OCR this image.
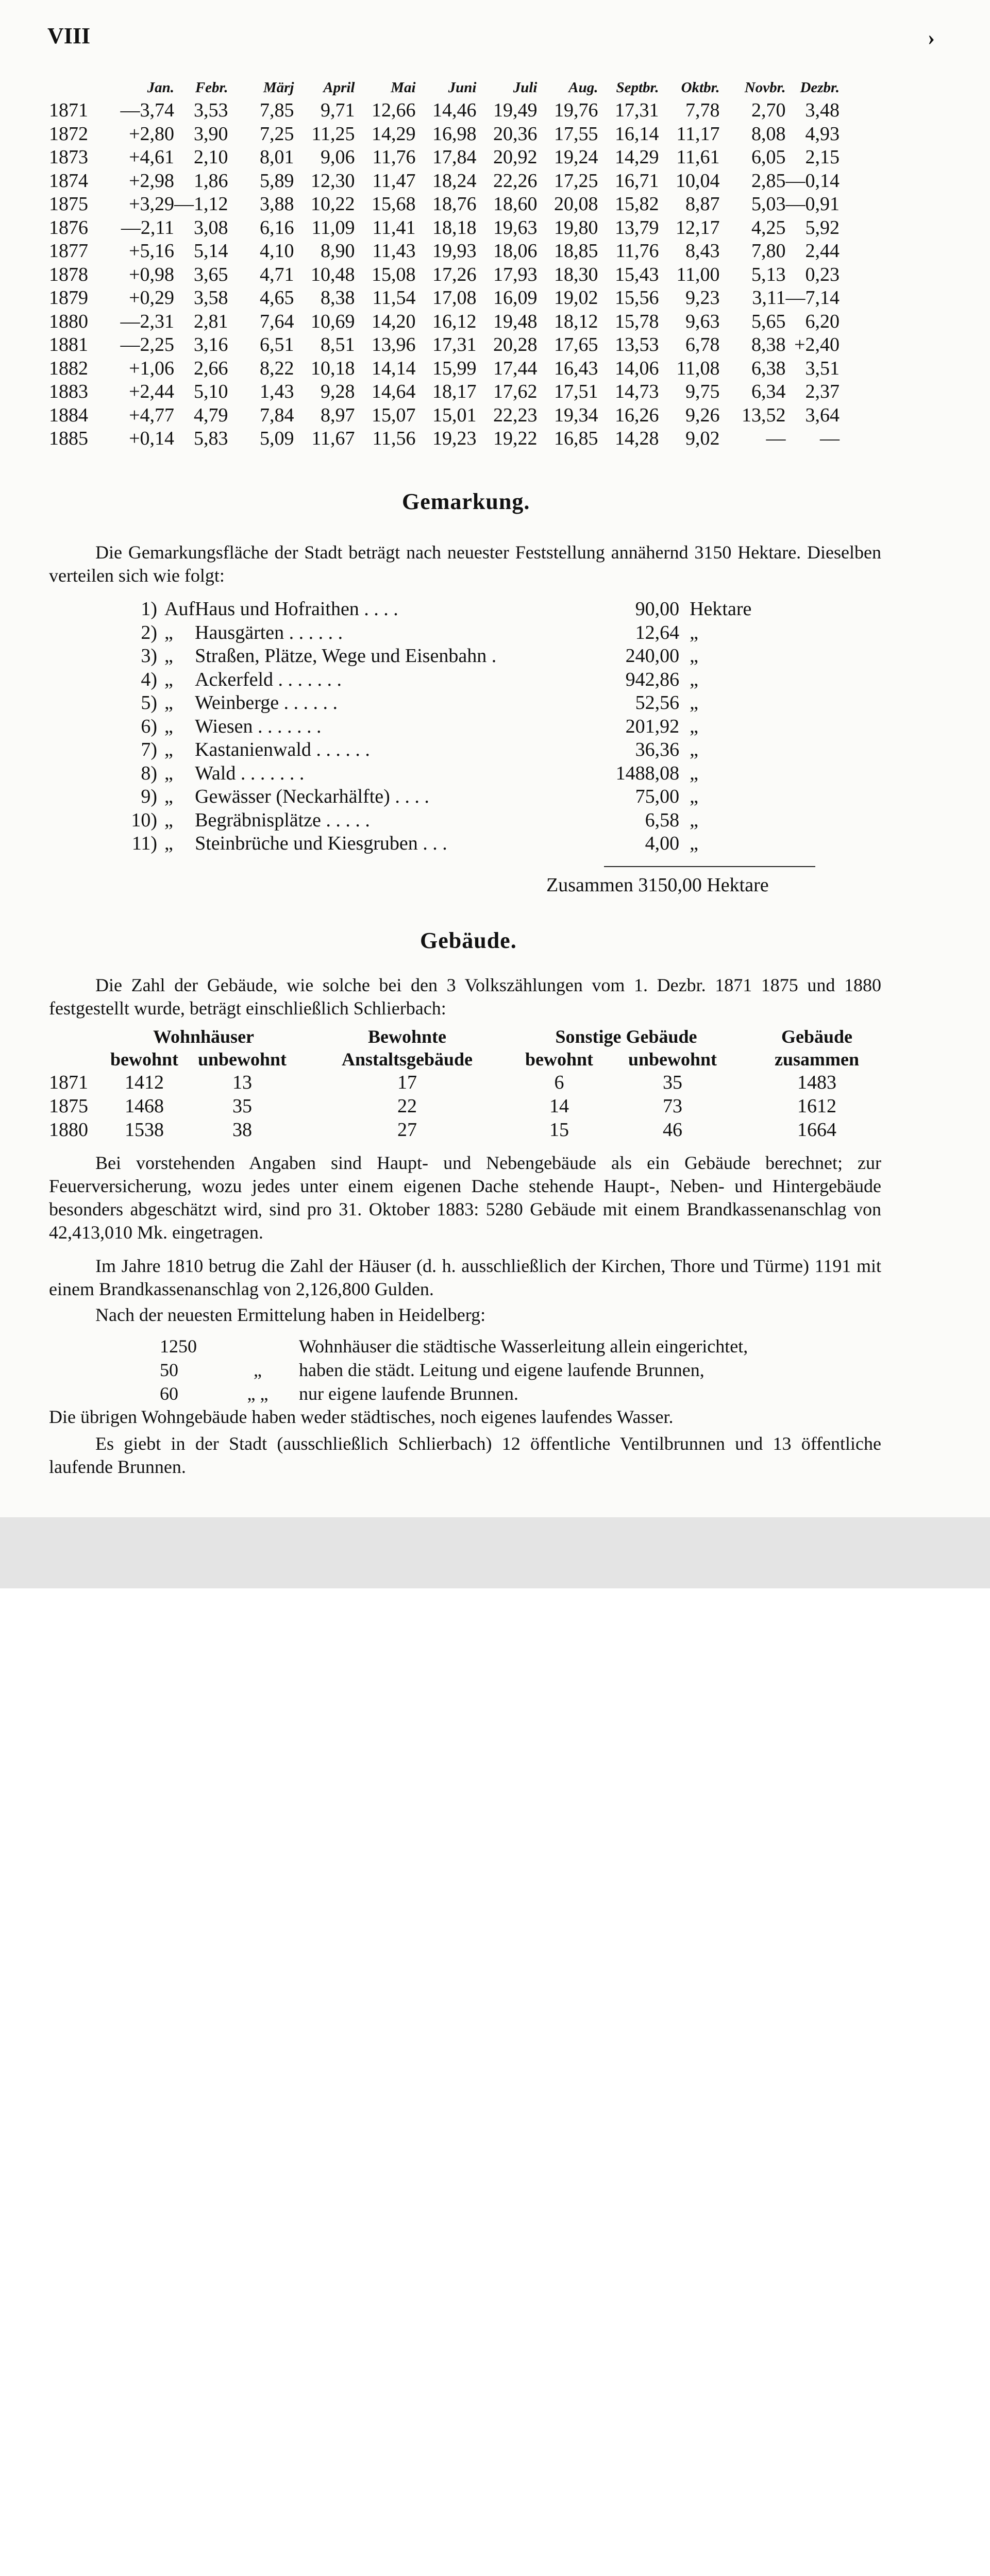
VIII	›
	Jan.	Febr.	Märj	April	Mai	Juni	Juli	Aug.	Septbr.	Oktbr.	Novbr.	Dezbr.
1871	—3,74	3,53	7,85	9,71	12,66	14,46	19,49	19,76	17,31	7,78	2,70	3,48
1872	+2,80	3,90	7,25	11,25	14,29	16,98	20,36	17,55	16,14	11,17	8,08	4,93
1873	+4,61	2,10	8,01	9,06	11,76	17,84	20,92	19,24	14,29	11,61	6,05	2,15
1874	+2,98	1,86	5,89	12,30	11,47	18,24	22,26	17,25	16,71	10,04	2,85	—0,14
1875	+3,29	—1,12	3,88	10,22	15,68	18,76	18,60	20,08	15,82	8,87	5,03	—0,91
1876	—2,11	3,08	6,16	11,09	11,41	18,18	19,63	19,80	13,79	12,17	4,25	5,92
1877	+5,16	5,14	4,10	8,90	11,43	19,93	18,06	18,85	11,76	8,43	7,80	2,44
1878	+0,98	3,65	4,71	10,48	15,08	17,26	17,93	18,30	15,43	11,00	5,13	0,23
1879	+0,29	3,58	4,65	8,38	11,54	17,08	16,09	19,02	15,56	9,23	3,11	—7,14
1880	—2,31	2,81	7,64	10,69	14,20	16,12	19,48	18,12	15,78	9,63	5,65	6,20
1881	—2,25	3,16	6,51	8,51	13,96	17,31	20,28	17,65	13,53	6,78	8,38	+2,40
1882	+1,06	2,66	8,22	10,18	14,14	15,99	17,44	16,43	14,06	11,08	6,38	3,51
1883	+2,44	5,10	1,43	9,28	14,64	18,17	17,62	17,51	14,73	9,75	6,34	2,37
1884	+4,77	4,79	7,84	8,97	15,07	15,01	22,23	19,34	16,26	9,26	13,52	3,64
1885	+0,14	5,83	5,09	11,67	11,56	19,23	19,22	16,85	14,28	9,02	—	—
Gemarkung.

Die Gemarkungsfläche der Stadt beträgt nach neuester Feststellung annähernd 3150 Hektare. Dieselben verteilen sich wie folgt:

1)	Auf	Haus und Hofraithen . . . .	90,00	Hektare
2)	„	Hausgärten . . . . . .	12,64	„
3)	„	Straßen, Plätze, Wege und Eisenbahn .	240,00	„
4)	„	Ackerfeld . . . . . . .	942,86	„
5)	„	Weinberge . . . . . .	52,56	„
6)	„	Wiesen . . . . . . .	201,92	„
7)	„	Kastanienwald . . . . . .	36,36	„
8)	„	Wald . . . . . . .	1488,08	„
9)	„	Gewässer (Neckarhälfte) . . . .	75,00	„
10)	„	Begräbnisplätze . . . . .	6,58	„
11)	„	Steinbrüche und Kiesgruben . . .	4,00	„
Zusammen 3150,00 Hektare
Gebäude.

Die Zahl der Gebäude, wie solche bei den 3 Volkszählungen vom 1. Dezbr. 1871 1875 und 1880 festgestellt wurde, beträgt einschließlich Schlierbach:

	Wohnhäuser		Bewohnte	Sonstige Gebäude		Gebäude
	bewohnt	unbewohnt	Anstaltsgebäude	bewohnt	unbewohnt	zusammen
1871	1412	13	17	6	35	1483
1875	1468	35	22	14	73	1612
1880	1538	38	27	15	46	1664

Bei vorstehenden Angaben sind Haupt- und Nebengebäude als ein Gebäude berechnet; zur Feuerversicherung, wozu jedes unter einem eigenen Dache stehende Haupt-, Neben- und Hintergebäude besonders abgeschätzt wird, sind pro 31. Oktober 1883: 5280 Gebäude mit einem Brandkassenanschlag von 42,413,010 Mk. eingetragen.

Im Jahre 1810 betrug die Zahl der Häuser (d. h. ausschließlich der Kirchen, Thore und Türme) 1191 mit einem Brandkassenanschlag von 2,126,800 Gulden.

Nach der neuesten Ermittelung haben in Heidelberg:

1250		Wohnhäuser die städtische Wasserleitung allein eingerichtet,
50	„	haben die städt. Leitung und eigene laufende Brunnen,
60	„ „	nur eigene laufende Brunnen.

Die übrigen Wohngebäude haben weder städtisches, noch eigenes laufendes Wasser.

Es giebt in der Stadt (ausschließlich Schlierbach) 12 öffentliche Ventilbrunnen und 13 öffentliche laufende Brunnen.
